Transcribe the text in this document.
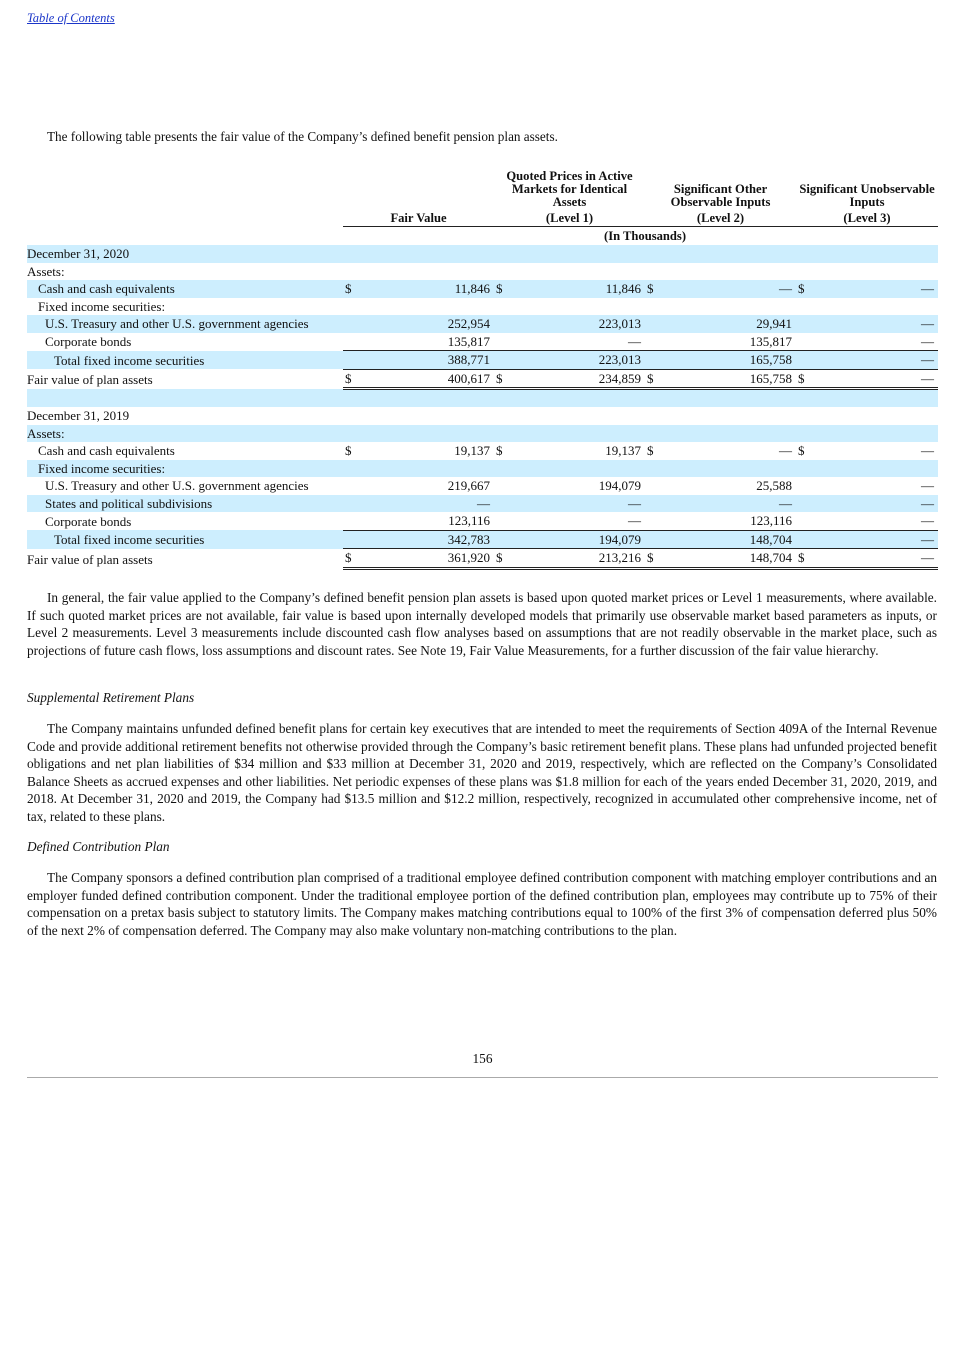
Table of Contents

The following table presents the fair value of the Company’s defined benefit pension plan assets.

			Quoted Prices in Active Markets for Identical Assets		Significant Other Observable Inputs		Significant Unobservable Inputs	
	Fair Value		(Level 1)		(Level 2)		(Level 3)	
			(In Thousands)					
December 31, 2020								
Assets:								
Cash and cash equivalents	$	11,846	$	11,846	$	—	$	—
Fixed income securities:								
U.S. Treasury and other U.S. government agencies		252,954		223,013		29,941		—
Corporate bonds		135,817		—		135,817		—
Total fixed income securities		388,771		223,013		165,758		—
Fair value of plan assets	$	400,617	$	234,859	$	165,758	$	—

December 31, 2019								
Assets:								
Cash and cash equivalents	$	19,137	$	19,137	$	—	$	—
Fixed income securities:								
U.S. Treasury and other U.S. government agencies		219,667		194,079		25,588		—
States and political subdivisions		—		—		—		—
Corporate bonds		123,116		—		123,116		—
Total fixed income securities		342,783		194,079		148,704		—
Fair value of plan assets	$	361,920	$	213,216	$	148,704	$	—

In general, the fair value applied to the Company’s defined benefit pension plan assets is based upon quoted market prices or Level 1 measurements, where available. If such quoted market prices are not available, fair value is based upon internally developed models that primarily use observable market based parameters as inputs, or Level 2 measurements. Level 3 measurements include discounted cash flow analyses based on assumptions that are not readily observable in the market place, such as projections of future cash flows, loss assumptions and discount rates. See Note 19, Fair Value Measurements, for a further discussion of the fair value hierarchy.

Supplemental Retirement Plans

The Company maintains unfunded defined benefit plans for certain key executives that are intended to meet the requirements of Section 409A of the Internal Revenue Code and provide additional retirement benefits not otherwise provided through the Company’s basic retirement benefit plans. These plans had unfunded projected benefit obligations and net plan liabilities of $34 million and $33 million at December 31, 2020 and 2019, respectively, which are reflected on the Company’s Consolidated Balance Sheets as accrued expenses and other liabilities. Net periodic expenses of these plans was $1.8 million for each of the years ended December 31, 2020, 2019, and 2018. At December 31, 2020 and 2019, the Company had $13.5 million and $12.2 million, respectively, recognized in accumulated other comprehensive income, net of tax, related to these plans.

Defined Contribution Plan

The Company sponsors a defined contribution plan comprised of a traditional employee defined contribution component with matching employer contributions and an employer funded defined contribution component. Under the traditional employee portion of the defined contribution plan, employees may contribute up to 75% of their compensation on a pretax basis subject to statutory limits. The Company makes matching contributions equal to 100% of the first 3% of compensation deferred plus 50% of the next 2% of compensation deferred. The Company may also make voluntary non-matching contributions to the plan.

156
